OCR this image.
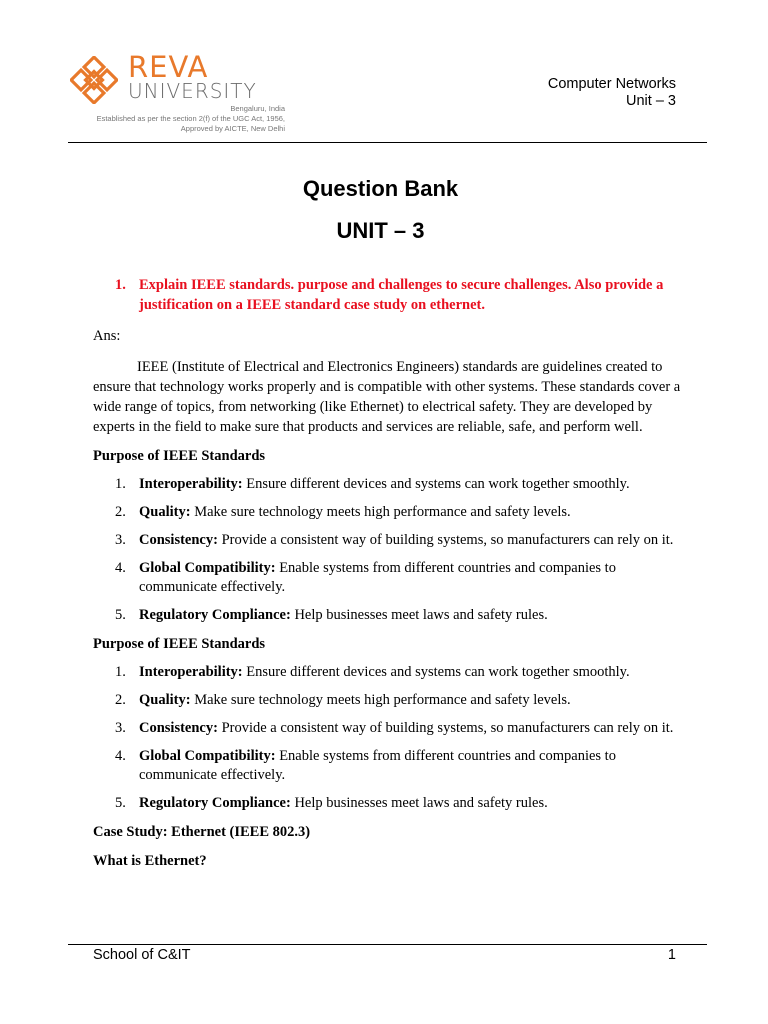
REVA
UNIVERSITY
Bengaluru, India
Established as per the section 2(f) of the UGC Act, 1956,
Approved by AICTE, New Delhi
Computer Networks
Unit – 3
Question Bank
UNIT – 3
1. Explain IEEE standards. purpose and challenges to secure challenges. Also provide a justification on a IEEE standard case study on ethernet.

Ans:

IEEE (Institute of Electrical and Electronics Engineers) standards are guidelines created to ensure that technology works properly and is compatible with other systems. These standards cover a wide range of topics, from networking (like Ethernet) to electrical safety. They are developed by experts in the field to make sure that products and services are reliable, safe, and perform well.

Purpose of IEEE Standards

1. Interoperability: Ensure different devices and systems can work together smoothly.
2. Quality: Make sure technology meets high performance and safety levels.
3. Consistency: Provide a consistent way of building systems, so manufacturers can rely on it.
4. Global Compatibility: Enable systems from different countries and companies to communicate effectively.
5. Regulatory Compliance: Help businesses meet laws and safety rules.

Purpose of IEEE Standards

1. Interoperability: Ensure different devices and systems can work together smoothly.
2. Quality: Make sure technology meets high performance and safety levels.
3. Consistency: Provide a consistent way of building systems, so manufacturers can rely on it.
4. Global Compatibility: Enable systems from different countries and companies to communicate effectively.
5. Regulatory Compliance: Help businesses meet laws and safety rules.

Case Study: Ethernet (IEEE 802.3)

What is Ethernet?

School of C&IT	1
